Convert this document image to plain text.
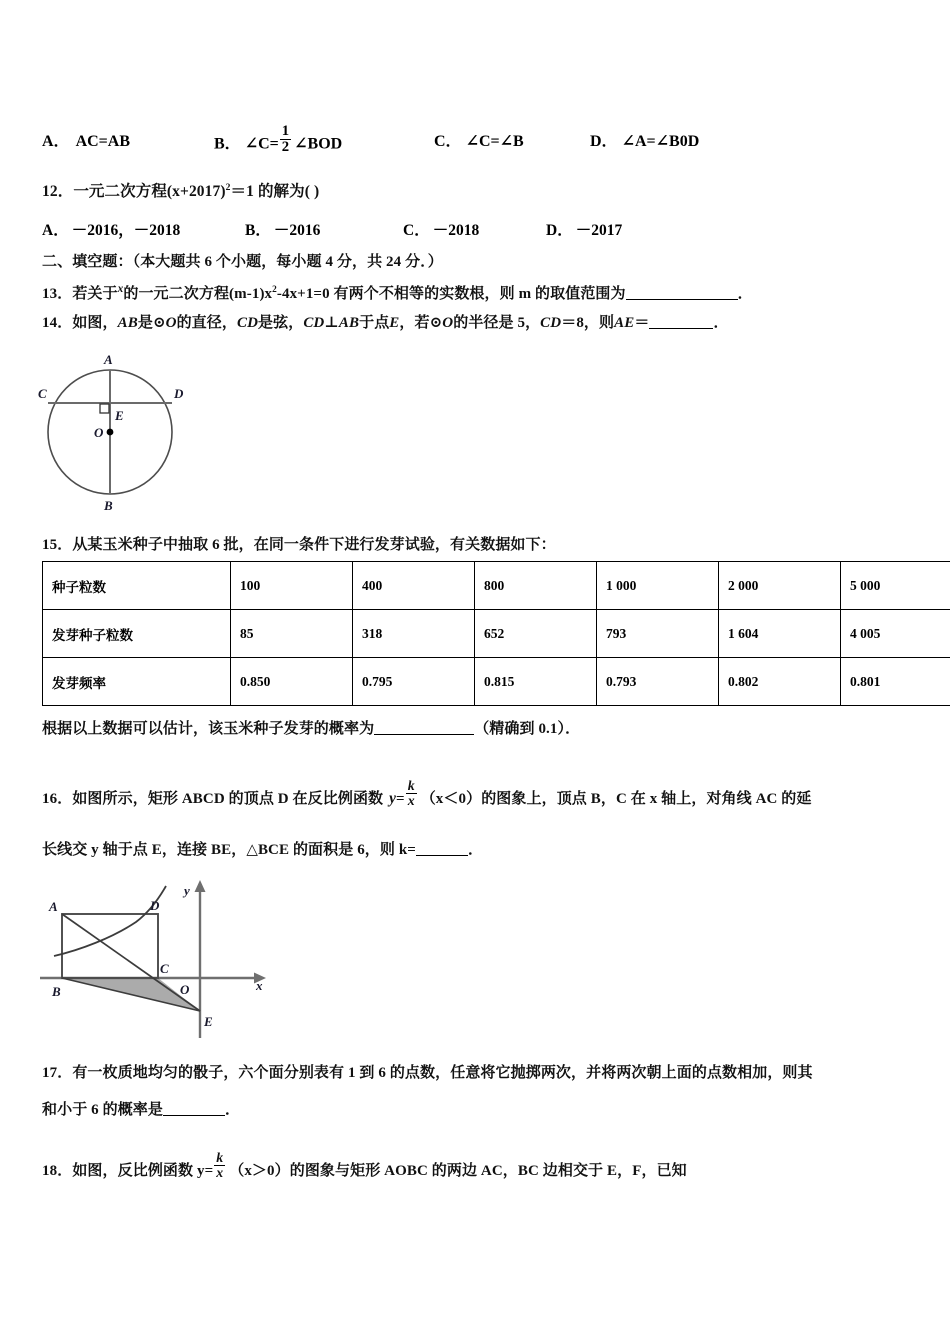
A． AC=AB	B． ∠C= $\frac{1}{2}$ ∠BOD	C． ∠C=∠B	D． ∠A=∠B0D
12．一元二次方程$(x+2017)^2=1$ 的解为( )
A． －2016，－2018	B． －2016	C． －2018	D． －2017
二、填空题：（本大题共 6 个小题，每小题 4 分，共 24 分．）
13．若关于$^x$的一元二次方程$(m-1)x^2-4x+1=0$ 有两个不相等的实数根，则 m 的取值范围为	．
14．如图，AB是⊙O的直径，CD是弦，CD⊥AB于点E，若⊙O的半径是 5，CD＝8，则AE＝	．
A
B
C	D
E
O
15．从某玉米种子中抽取 6 批，在同一条件下进行发芽试验，有关数据如下：
种子粒数	100	400	800	1 000	2 000	5 000
发芽种子粒数	85	318	652	793	1 604	4 005
发芽频率	0.850	0.795	0.815	0.793	0.802	0.801
根据以上数据可以估计，该玉米种子发芽的概率为	（精确到 0.1）．
16．如图所示，矩形 ABCD 的顶点 D 在反比例函数 $y= \frac{k}{x} (x<0)$的图象上，顶点 B，C 在 x 轴上，对角线 AC 的延
长线交 y 轴于点 E，连接 BE，△BCE 的面积是 6，则 k=	．
A
B
C
D
E
O	x
y
17．有一枚质地均匀的骰子，六个面分别表有 1 到 6 的点数，任意将它抛掷两次，并将两次朝上面的点数相加，则其
和小于 6 的概率是	．
18．如图，反比例函数 $y= \frac{k}{x} (x>0)$的图象与矩形 AOBC 的两边 AC，BC 边相交于 E，F，已知
